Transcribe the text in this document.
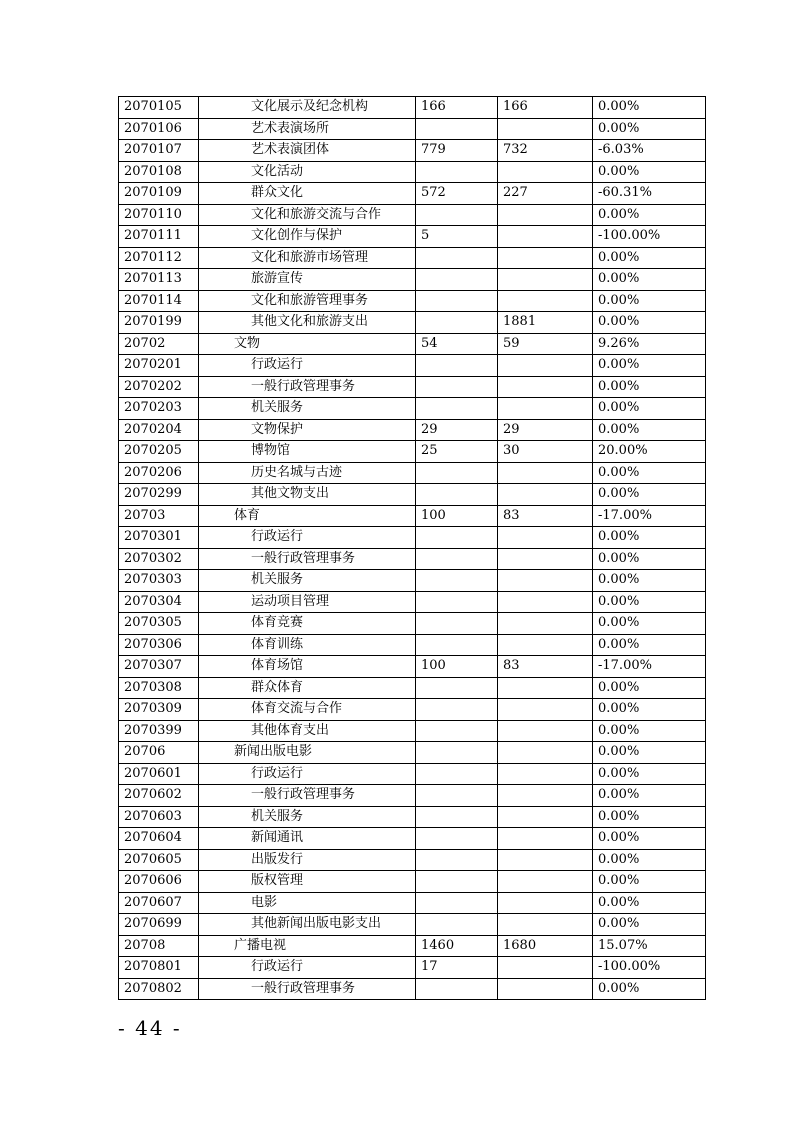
2070105	文化展示及纪念机构	166	166	0.00%
2070106	艺术表演场所			0.00%
2070107	艺术表演团体	779	732	-6.03%
2070108	文化活动			0.00%
2070109	群众文化	572	227	-60.31%
2070110	文化和旅游交流与合作			0.00%
2070111	文化创作与保护	5		-100.00%
2070112	文化和旅游市场管理			0.00%
2070113	旅游宣传			0.00%
2070114	文化和旅游管理事务			0.00%
2070199	其他文化和旅游支出		1881	0.00%
20702	文物	54	59	9.26%
2070201	行政运行			0.00%
2070202	一般行政管理事务			0.00%
2070203	机关服务			0.00%
2070204	文物保护	29	29	0.00%
2070205	博物馆	25	30	20.00%
2070206	历史名城与古迹			0.00%
2070299	其他文物支出			0.00%
20703	体育	100	83	-17.00%
2070301	行政运行			0.00%
2070302	一般行政管理事务			0.00%
2070303	机关服务			0.00%
2070304	运动项目管理			0.00%
2070305	体育竞赛			0.00%
2070306	体育训练			0.00%
2070307	体育场馆	100	83	-17.00%
2070308	群众体育			0.00%
2070309	体育交流与合作			0.00%
2070399	其他体育支出			0.00%
20706	新闻出版电影			0.00%
2070601	行政运行			0.00%
2070602	一般行政管理事务			0.00%
2070603	机关服务			0.00%
2070604	新闻通讯			0.00%
2070605	出版发行			0.00%
2070606	版权管理			0.00%
2070607	电影			0.00%
2070699	其他新闻出版电影支出			0.00%
20708	广播电视	1460	1680	15.07%
2070801	行政运行	17		-100.00%
2070802	一般行政管理事务			0.00%
- 44 -
